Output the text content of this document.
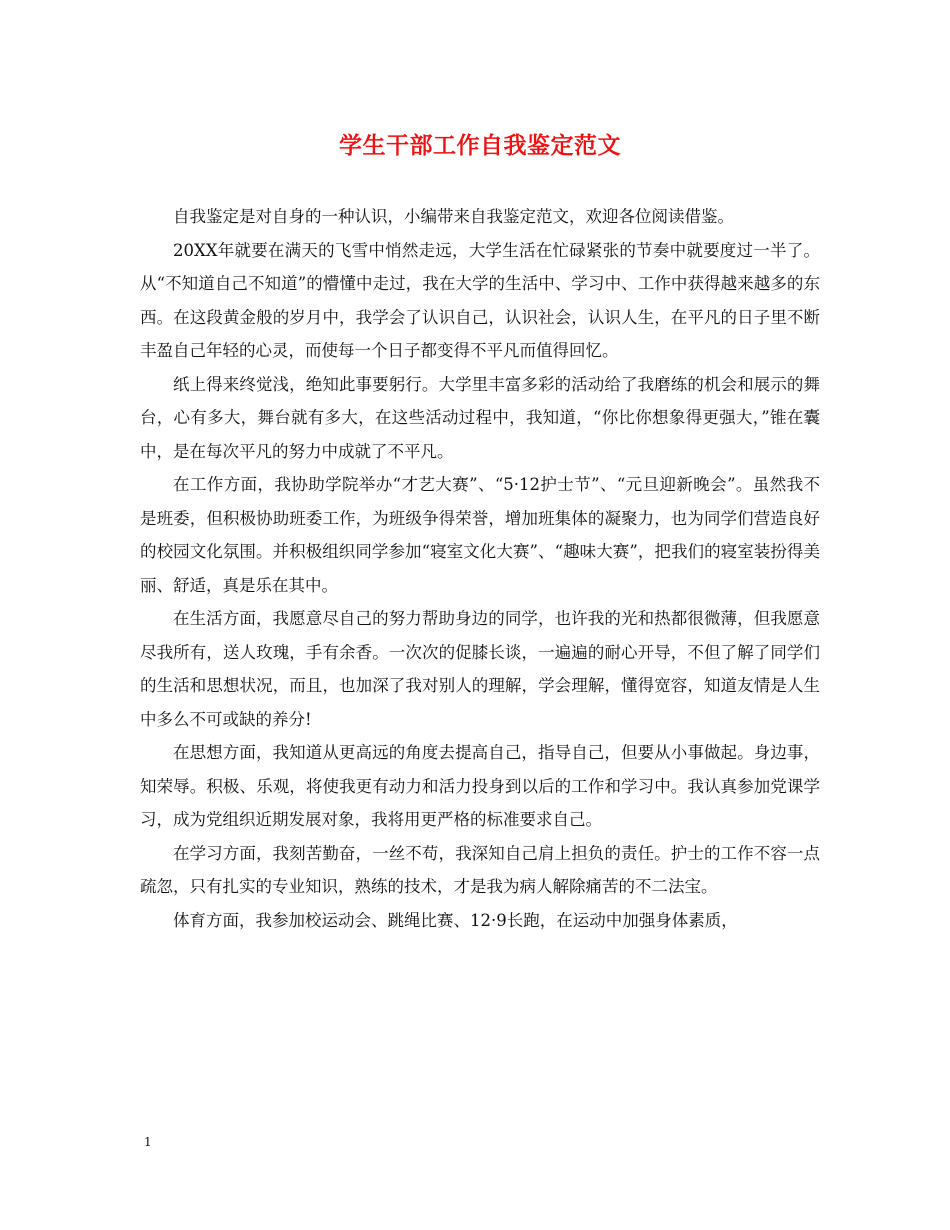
学生干部工作自我鉴定范文

自我鉴定是对自身的一种认识，小编带来自我鉴定范文，欢迎各位阅读借鉴。

20XX年就要在满天的飞雪中悄然走远，大学生活在忙碌紧张的节奏中就要度过一半了。从“不知道自己不知道”的懵懂中走过，我在大学的生活中、学习中、工作中获得越来越多的东西。在这段黄金般的岁月中，我学会了认识自己，认识社会，认识人生，在平凡的日子里不断丰盈自己年轻的心灵，而使每一个日子都变得不平凡而值得回忆。

纸上得来终觉浅，绝知此事要躬行。大学里丰富多彩的活动给了我磨练的机会和展示的舞台，心有多大，舞台就有多大，在这些活动过程中，我知道，“你比你想象得更强大，”锥在囊中，是在每次平凡的努力中成就了不平凡。

在工作方面，我协助学院举办“才艺大赛”、“5·12护士节”、“元旦迎新晚会”。虽然我不是班委，但积极协助班委工作，为班级争得荣誉，增加班集体的凝聚力，也为同学们营造良好的校园文化氛围。并积极组织同学参加“寝室文化大赛”、“趣味大赛”，把我们的寝室装扮得美丽、舒适，真是乐在其中。

在生活方面，我愿意尽自己的努力帮助身边的同学，也许我的光和热都很微薄，但我愿意尽我所有，送人玫瑰，手有余香。一次次的促膝长谈，一遍遍的耐心开导，不但了解了同学们的生活和思想状况，而且，也加深了我对别人的理解，学会理解，懂得宽容，知道友情是人生中多么不可或缺的养分!

在思想方面，我知道从更高远的角度去提高自己，指导自己，但要从小事做起。身边事，知荣辱。积极、乐观，将使我更有动力和活力投身到以后的工作和学习中。我认真参加党课学习，成为党组织近期发展对象，我将用更严格的标准要求自己。

在学习方面，我刻苦勤奋，一丝不苟，我深知自己肩上担负的责任。护士的工作不容一点疏忽，只有扎实的专业知识，熟练的技术，才是我为病人解除痛苦的不二法宝。

体育方面，我参加校运动会、跳绳比赛、12·9长跑，在运动中加强身体素质，

1
